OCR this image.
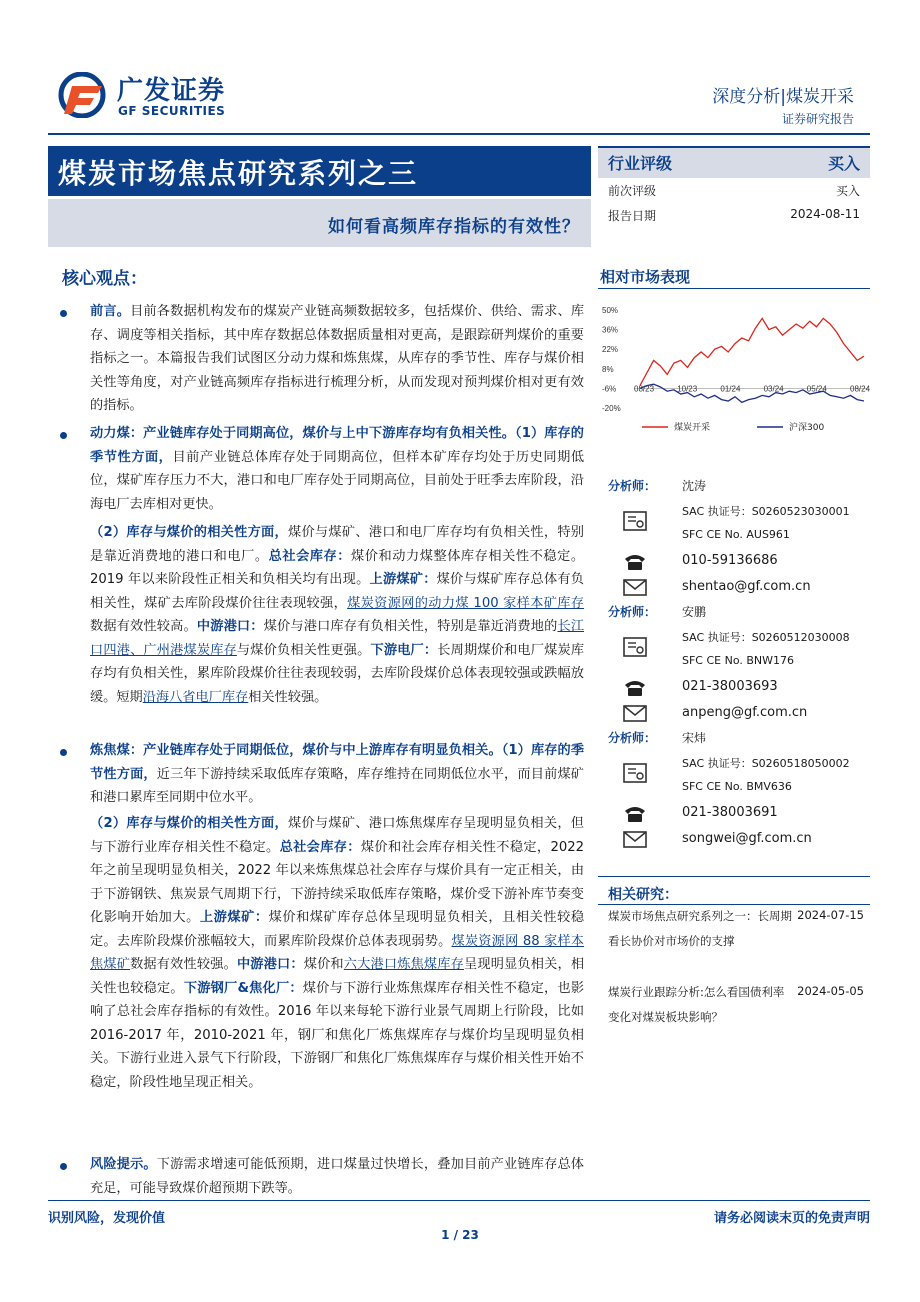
广发证券
GF SECURITIES
深度分析|煤炭开采
证券研究报告
煤炭市场焦点研究系列之三
如何看高频库存指标的有效性？
行业评级	买入
前次评级	买入
报告日期	2024-08-11
核心观点：
前言。目前各数据机构发布的煤炭产业链高频数据较多，包括煤价、供给、需求、库存、调度等相关指标，其中库存数据总体数据质量相对更高，是跟踪研判煤价的重要指标之一。本篇报告我们试图区分动力煤和炼焦煤，从库存的季节性、库存与煤价相关性等角度，对产业链高频库存指标进行梳理分析，从而发现对预判煤价相对更有效的指标。
动力煤：产业链库存处于同期高位，煤价与上中下游库存均有负相关性。（1）库存的季节性方面，目前产业链总体库存处于同期高位，但样本矿库存均处于历史同期低位，煤矿库存压力不大，港口和电厂库存处于同期高位，目前处于旺季去库阶段，沿海电厂去库相对更快。
（2）库存与煤价的相关性方面，煤价与煤矿、港口和电厂库存均有负相关性，特别是靠近消费地的港口和电厂。总社会库存：煤价和动力煤整体库存相关性不稳定。2019 年以来阶段性正相关和负相关均有出现。上游煤矿：煤价与煤矿库存总体有负相关性，煤矿去库阶段煤价往往表现较强，煤炭资源网的动力煤 100 家样本矿库存数据有效性较高。中游港口：煤价与港口库存有负相关性，特别是靠近消费地的长江口四港、广州港煤炭库存与煤价负相关性更强。下游电厂：长周期煤价和电厂煤炭库存均有负相关性，累库阶段煤价往往表现较弱，去库阶段煤价总体表现较强或跌幅放缓。短期沿海八省电厂库存相关性较强。
炼焦煤：产业链库存处于同期低位，煤价与中上游库存有明显负相关。（1）库存的季节性方面，近三年下游持续采取低库存策略，库存维持在同期低位水平，而目前煤矿和港口累库至同期中位水平。
（2）库存与煤价的相关性方面，煤价与煤矿、港口炼焦煤库存呈现明显负相关，但与下游行业库存相关性不稳定。总社会库存：煤价和社会库存相关性不稳定，2022 年之前呈现明显负相关，2022 年以来炼焦煤总社会库存与煤价具有一定正相关，由于下游钢铁、焦炭景气周期下行，下游持续采取低库存策略，煤价受下游补库节奏变化影响开始加大。上游煤矿：煤价和煤矿库存总体呈现明显负相关，且相关性较稳定。去库阶段煤价涨幅较大，而累库阶段煤价总体表现弱势。煤炭资源网 88 家样本焦煤矿数据有效性较强。中游港口：煤价和六大港口炼焦煤库存呈现明显负相关，相关性也较稳定。下游钢厂&焦化厂：煤价与下游行业炼焦煤库存相关性不稳定，也影响了总社会库存指标的有效性。2016 年以来每轮下游行业景气周期上行阶段，比如 2016-2017 年，2010-2021 年，钢厂和焦化厂炼焦煤库存与煤价均呈现明显负相关。下游行业进入景气下行阶段，下游钢厂和焦化厂炼焦煤库存与煤价相关性开始不稳定，阶段性地呈现正相关。
风险提示。下游需求增速可能低预期，进口煤量过快增长，叠加目前产业链库存总体充足，可能导致煤价超预期下跌等。
相对市场表现
50%
36%
22%
8%
-6%
-20%
08/23	10/23	01/24	03/24	05/24	08/24
煤炭开采	沪深300
分析师： 沈涛
SAC 执证号：S0260523030001
SFC CE No. AUS961
010-59136686
shentao@gf.com.cn
分析师： 安鹏
SAC 执证号：S0260512030008
SFC CE No. BNW176
021-38003693
anpeng@gf.com.cn
分析师： 宋炜
SAC 执证号：S0260518050002
SFC CE No. BMV636
021-38003691
songwei@gf.com.cn
相关研究：
煤炭市场焦点研究系列之一：长周期看长协价对市场价的支撑
2024-07-15
煤炭行业跟踪分析:怎么看国债利率变化对煤炭板块影响？
2024-05-05
识别风险，发现价值	请务必阅读末页的免责声明
1 / 23
